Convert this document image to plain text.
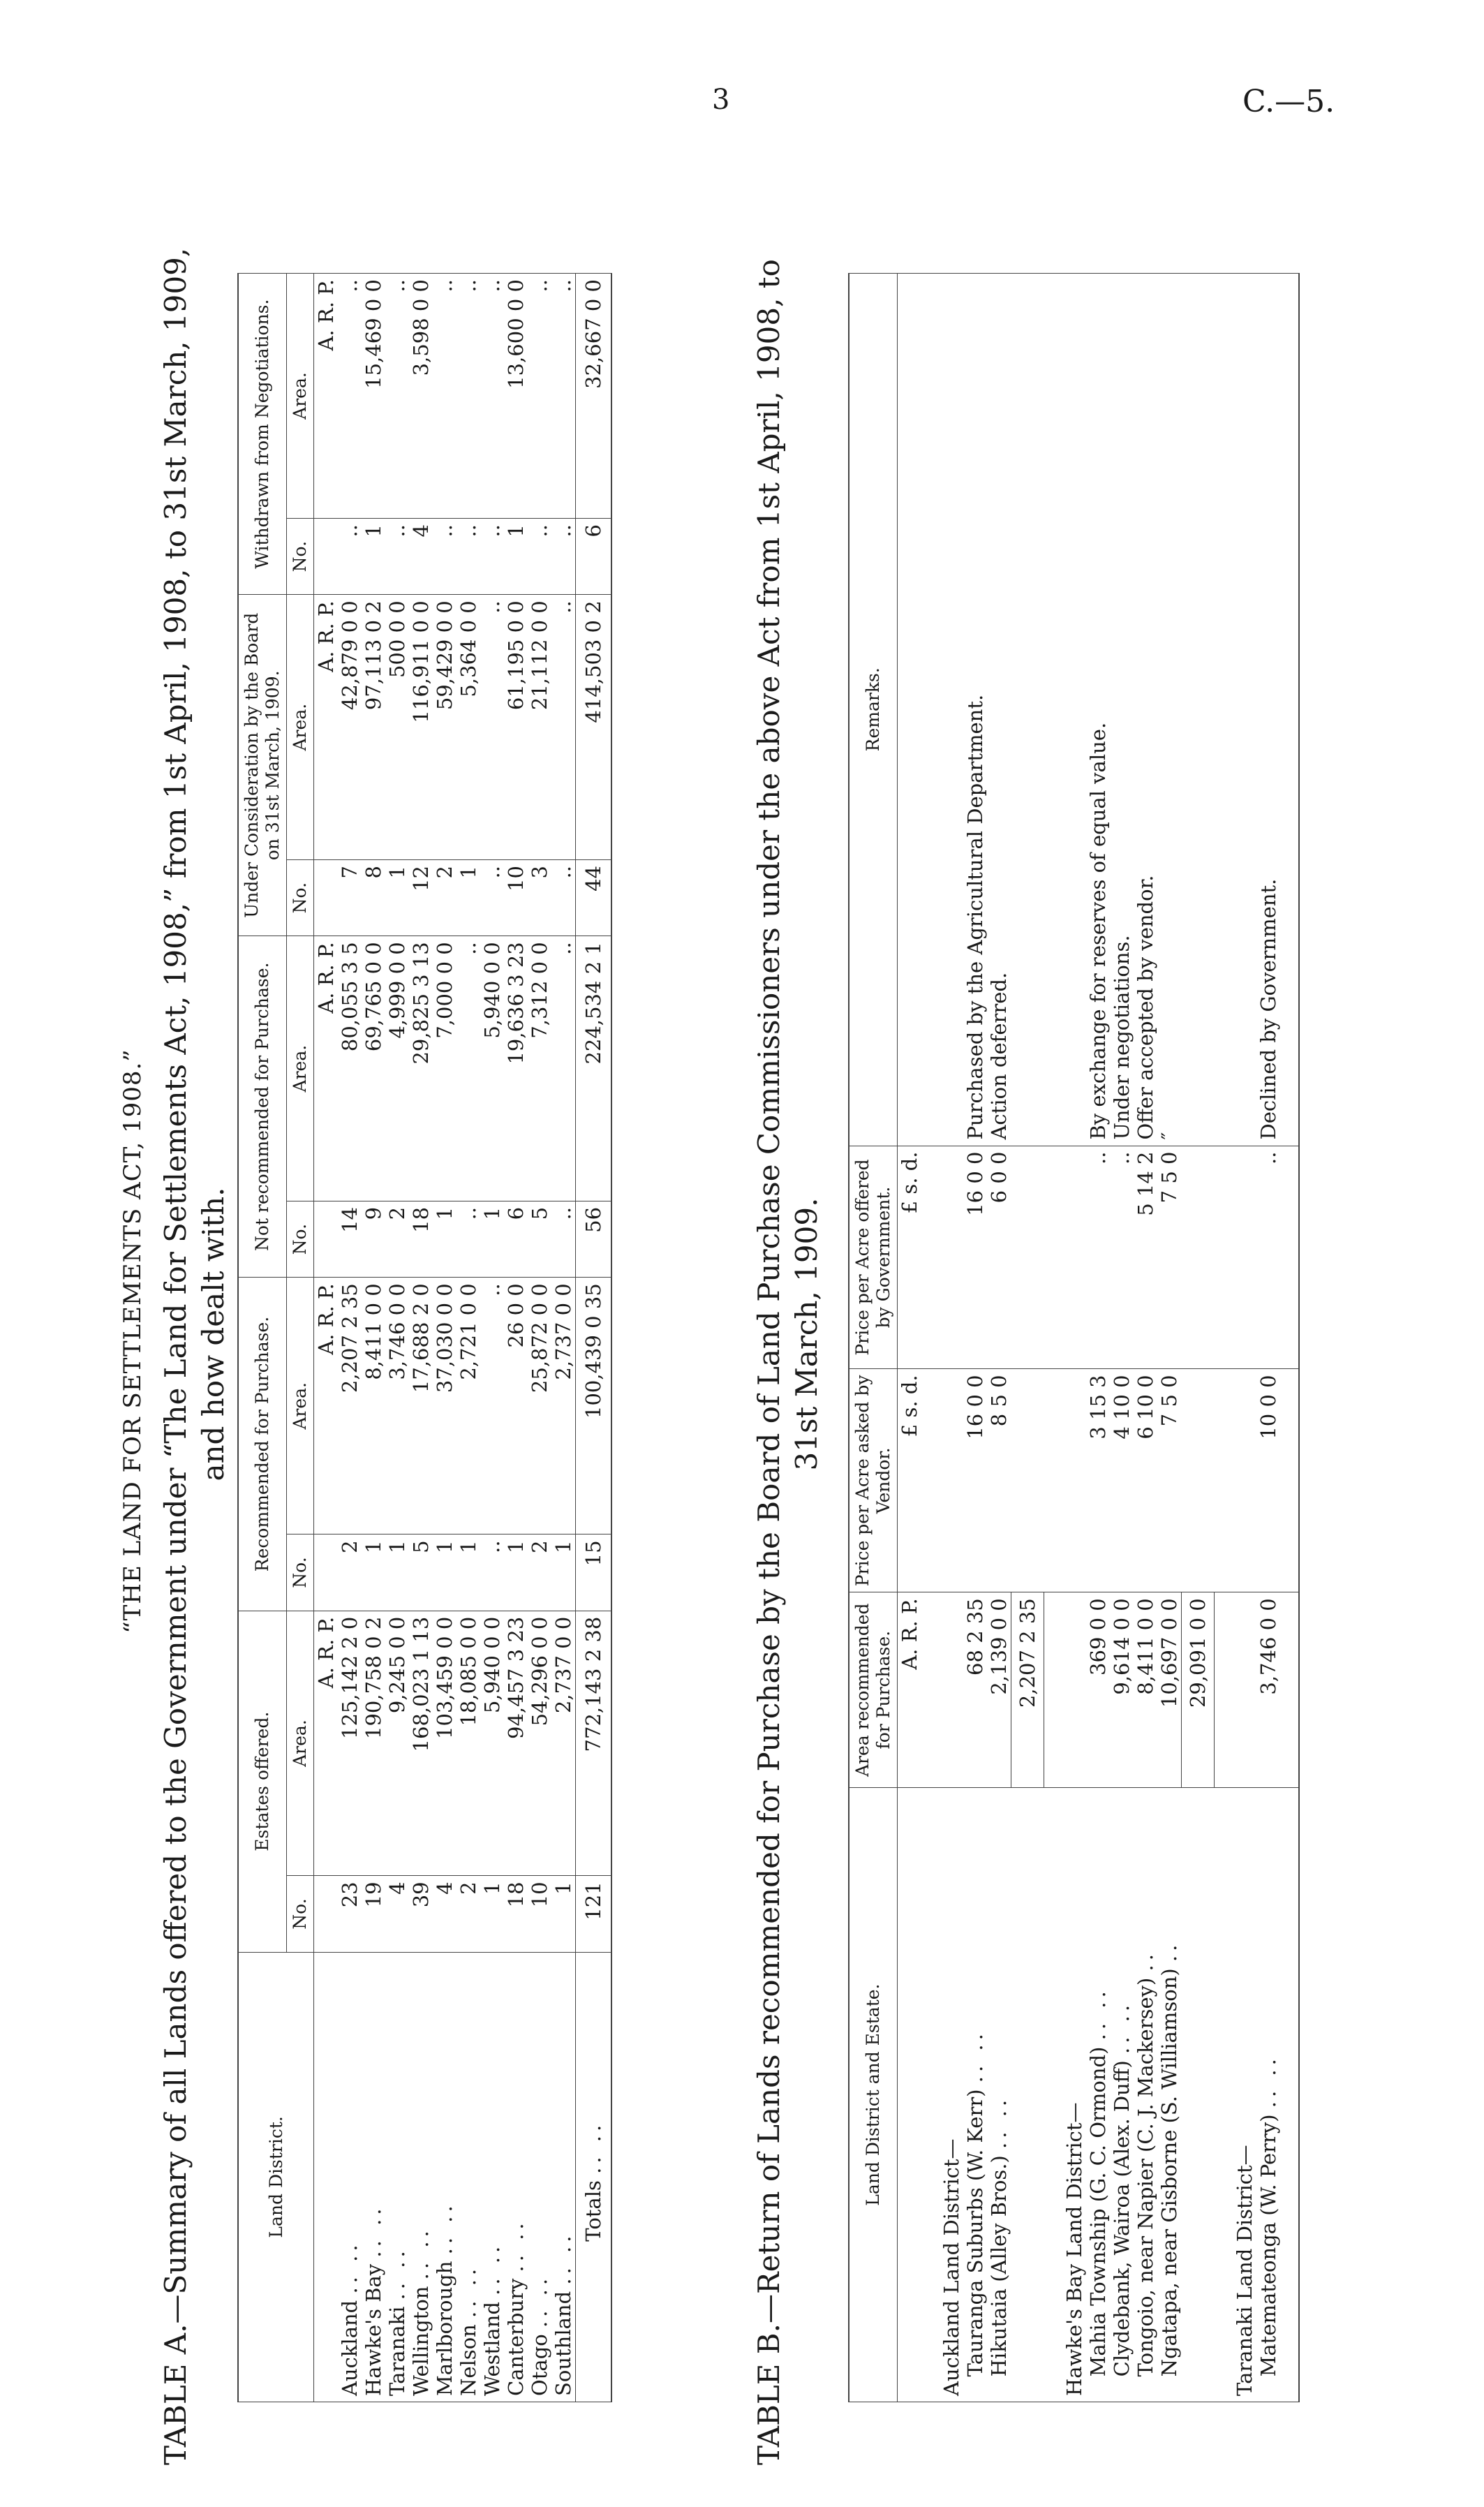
3	C.—5.
“THE LAND FOR SETTLEMENTS ACT, 1908.” TABLE A.—Summary of all Lands offered to the Government under “The Land for Settlements Act, 1908,” from 1st April, 1908, to 31st March, 1909, and how dealt with.
Land District.	Estates offered.		Recommended for Purchase.		Not recommended for Purchase.		Under Consideration by the Board on 31st March, 1909.		Withdrawn from Negotiations.	
	No.	Area.	No.	Area.	No.	Area.	No.	Area.	No.	Area.
		A. R. P.		A. R. P.		A. R. P.		A. R. P.		A. R. P.
Auckland .. ..	23	125,142 2 0	2	2,207 2 35	14	80,055 3 5	7	42,879 0 0	..	..
Hawke's Bay .. ..	19	190,758 0 2	1	8,411 0 0	9	69,765 0 0	8	97,113 0 2	1	15,469 0 0
Taranaki .. ..	4	9,245 0 0	1	3,746 0 0	2	4,999 0 0	1	500 0 0	..	..
Wellington .. ..	39	168,023 1 13	5	17,688 2 0	18	29,825 3 13	12	116,911 0 0	4	3,598 0 0
Marlborough .. ..	4	103,459 0 0	1	37,030 0 0	1	7,000 0 0	2	59,429 0 0	..	..
Nelson .. ..	2	18,085 0 0	1	2,721 0 0	..	..	1	5,364 0 0	..	..
Westland .. ..	1	5,940 0 0	..	..	1	5,940 0 0	..	..	..	..
Canterbury .. ..	18	94,457 3 23	1	26 0 0	6	19,636 3 23	10	61,195 0 0	1	13,600 0 0
Otago .. ..	10	54,296 0 0	2	25,872 0 0	5	7,312 0 0	3	21,112 0 0	..	..
Southland .. ..	1	2,737 0 0	1	2,737 0 0	..	..	..	..	..	..
Totals .. ..	121	772,143 2 38	15	100,439 0 35	56	224,534 2 1	44	414,503 0 2	6	32,667 0 0	TABLE B.—Return of Lands recommended for Purchase by the Board of Land Purchase Commissioners under the above Act from 1st April, 1908, to 31st March, 1909.
Land District and Estate.	Area recommended for Purchase.	Price per Acre asked by Vendor.	Price per Acre offered by Government.	Remarks.
	A. R. P.	£ s. d.	£ s. d.	

Auckland Land District—				
Tauranga Suburbs (W. Kerr) .. ..	68 2 35	16 0 0	16 0 0	Purchased by the Agricultural Department.
Hikutaia (Alley Bros.) .. ..	2,139 0 0	8 5 0	6 0 0	Action deferred.
	2,207 2 35			

Hawke's Bay Land District—				
Mahia Township (G. C. Ormond) .. ..	369 0 0	3 15 3	..	By exchange for reserves of equal value.
Clydebank, Wairoa (Alex. Duff) .. ..	9,614 0 0	4 10 0	..	Under negotiations.
Tongoio, near Napier (C. J. Mackersey) ..	8,411 0 0	6 10 0	5 14 2	Offer accepted by vendor.
Ngatapa, near Gisborne (S. Williamson) ..	10,697 0 0	7 5 0	7 5 0	″
	29,091 0 0			

Taranaki Land District—				
Matemateonga (W. Perry) .. ..	3,746 0 0	10 0 0	..	Declined by Government.
